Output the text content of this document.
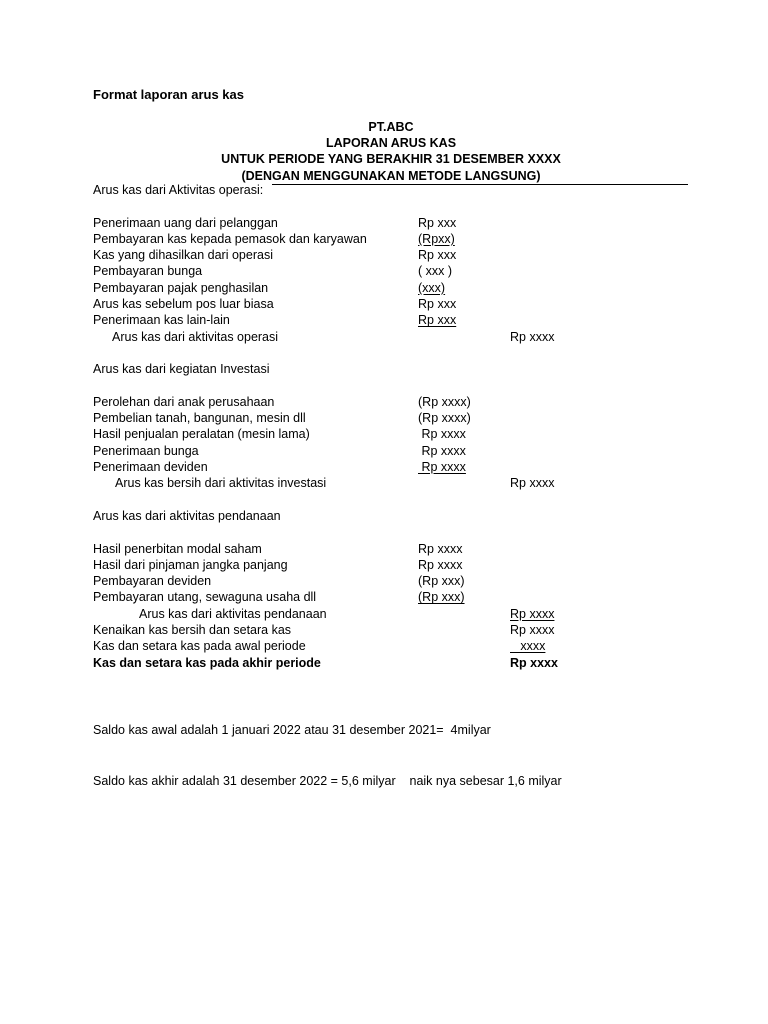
Format laporan arus kas
PT.ABC
LAPORAN ARUS KAS
UNTUK PERIODE YANG BERAKHIR 31 DESEMBER XXXX
(DENGAN MENGGUNAKAN METODE LANGSUNG)
Arus kas dari Aktivitas operasi:
Penerimaan uang dari pelanggan	Rp xxx
Pembayaran kas kepada pemasok dan karyawan	(Rpxx)
Kas yang dihasilkan dari operasi	Rp xxx
Pembayaran bunga	( xxx )
Pembayaran pajak penghasilan	(xxx)
Arus kas sebelum pos luar biasa	Rp xxx
Penerimaan kas lain-lain	Rp xxx
Arus kas dari aktivitas operasi	Rp xxxx
Arus kas dari kegiatan Investasi
Perolehan dari anak perusahaan	(Rp xxxx)
Pembelian tanah, bangunan, mesin dll	(Rp xxxx)
Hasil penjualan peralatan (mesin lama)	Rp xxxx
Penerimaan bunga	Rp xxxx
Penerimaan deviden	Rp xxxx
Arus kas bersih dari aktivitas investasi	Rp xxxx
Arus kas dari aktivitas pendanaan
Hasil penerbitan modal saham	Rp xxxx
Hasil dari pinjaman jangka panjang	Rp xxxx
Pembayaran deviden	(Rp xxx)
Pembayaran utang, sewaguna usaha dll	(Rp xxx)
Arus kas dari aktivitas pendanaan	Rp xxxx
Kenaikan kas bersih dan setara kas	Rp xxxx
Kas dan setara kas pada awal periode	xxxx
Kas dan setara kas pada akhir periode	Rp xxxx

Saldo kas awal adalah 1 januari 2022 atau 31 desember 2021=  4milyar

Saldo kas akhir adalah 31 desember 2022 = 5,6 milyar    naik nya sebesar 1,6 milyar
